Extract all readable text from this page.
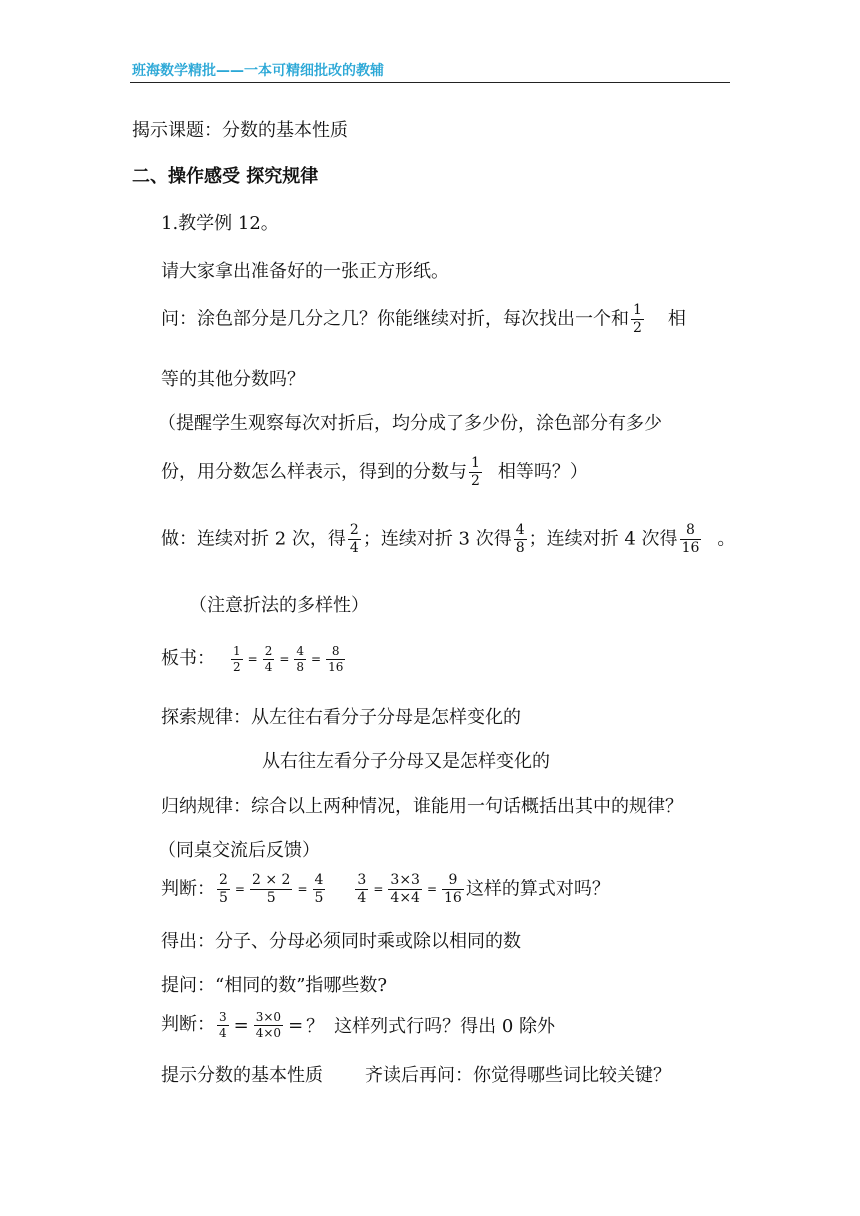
班海数学精批——一本可精细批改的教辅
揭示课题：分数的基本性质
二、操作感受 探究规律
1.教学例 12。
请大家拿出准备好的一张正方形纸。
问：涂色部分是几分之几？你能继续对折，每次找出一个和 $\frac{1}{2}$ 相
等的其他分数吗？
（提醒学生观察每次对折后，均分成了多少份，涂色部分有多少
份，用分数怎么样表示，得到的分数与 $\frac{1}{2}$ 相等吗？）
做：连续对折 2 次，得 $\frac{2}{4}$ ；连续对折 3 次得 $\frac{4}{8}$ ；连续对折 4 次得 $\frac{8}{16}$ 。
（注意折法的多样性）
板书： $\frac{1}{2} = \frac{2}{4} = \frac{4}{8} = \frac{8}{16}$
探索规律：从左往右看分子分母是怎样变化的
从右往左看分子分母又是怎样变化的
归纳规律：综合以上两种情况，谁能用一句话概括出其中的规律？
（同桌交流后反馈）
判断： $\frac{2}{5} = \frac{2 \times 2}{5} = \frac{4}{5} \frac{3}{4} = \frac{3\times 3}{4\times 4} = \frac{9}{16}$ 这样的算式对吗？
得出：分子、分母必须同时乘或除以相同的数
提问：“相同的数”指哪些数?
判断： $\frac{3}{4} = \frac{3\times 0}{4\times 0}$ = ？ 这样列式行吗？得出 0 除外
提示分数的基本性质 齐读后再问：你觉得哪些词比较关键？
